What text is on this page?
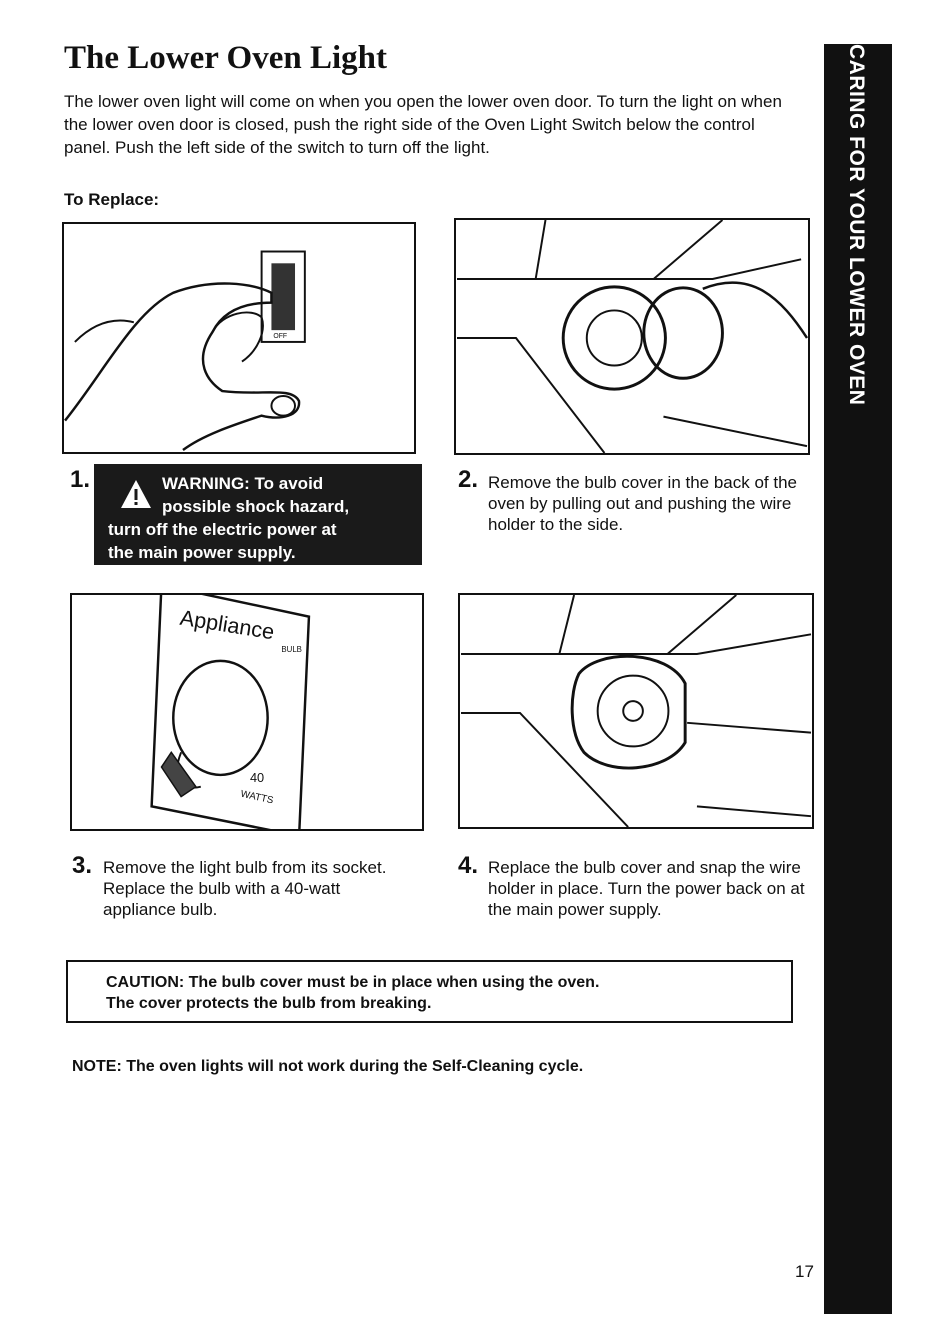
The Lower Oven Light

The lower oven light will come on when you open the lower oven door. To turn the light on when the lower oven door is closed, push the right side of the Oven Light Switch below the control panel. Push the left side of the switch to turn off the light.

To Replace:

ON
OFF
1.	WARNING: To avoid
possible shock hazard,
turn off the electric power at
the main power supply.
2. Remove the bulb cover in the back of the oven by pulling out and pushing the wire holder to the side.

Appliance
BULB
40
WATTS
3. Remove the light bulb from its socket. Replace the bulb with a 40-watt appliance bulb.

4. Replace the bulb cover and snap the wire holder in place. Turn the power back on at the main power supply.

CAUTION: The bulb cover must be in place when using the oven.
The cover protects the bulb from breaking.

NOTE: The oven lights will not work during the Self-Cleaning cycle.

CARING FOR YOUR LOWER OVEN
17
